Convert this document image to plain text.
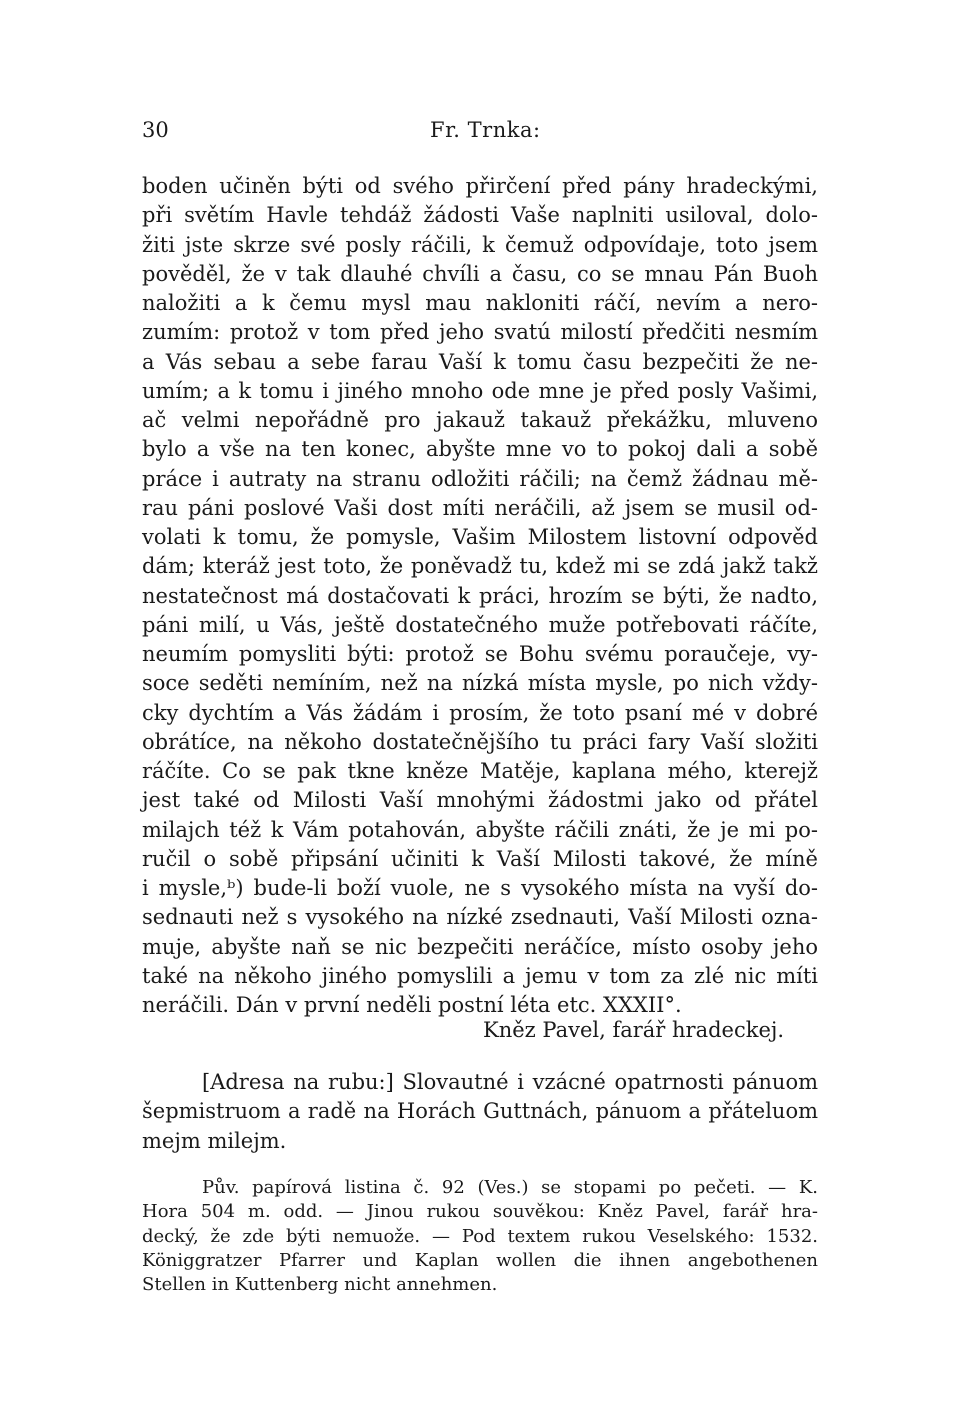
30	Fr. Trnka:
boden učiněn býti od svého přirčení před pány hradeckými,
při světím Havle tehdáž žádosti Vaše naplniti usiloval, dolo-
žiti jste skrze své posly ráčili, k čemuž odpovídaje, toto jsem
pověděl, že v tak dlauhé chvíli a času, co se mnau Pán Buoh
naložiti a k čemu mysl mau nakloniti ráčí, nevím a nero-
zumím: protož v tom před jeho svatú milostí předčiti nesmím
a Vás sebau a sebe farau Vaší k tomu času bezpečiti že ne-
umím; a k tomu i jiného mnoho ode mne je před posly Vašimi,
ač velmi nepořádně pro jakauž takauž překážku, mluveno
bylo a vše na ten konec, abyšte mne vo to pokoj dali a sobě
práce i autraty na stranu odložiti ráčili; na čemž žádnau mě-
rau páni poslové Vaši dost míti neráčili, až jsem se musil od-
volati k tomu, že pomysle, Vašim Milostem listovní odpověd
dám; kteráž jest toto, že poněvadž tu, kdež mi se zdá jakž takž
nestatečnost má dostačovati k práci, hrozím se býti, že nadto,
páni milí, u Vás, ještě dostatečného muže potřebovati ráčíte,
neumím pomysliti býti: protož se Bohu svému poraučeje, vy-
soce seděti nemíním, než na nízká místa mysle, po nich vždy-
cky dychtím a Vás žádám i prosím, že toto psaní mé v dobré
obrátíce, na někoho dostatečnějšího tu práci fary Vaší složiti
ráčíte. Co se pak tkne kněze Matěje, kaplana mého, kterejž
jest také od Milosti Vaší mnohými žádostmi jako od přátel
milajch též k Vám potahován, abyšte ráčili znáti, že je mi po-
ručil o sobě připsání učiniti k Vaší Milosti takové, že míně
i mysle,ᵇ) bude-li boží vuole, ne s vysokého místa na vyší do-
sednauti než s vysokého na nízké zsednauti, Vaší Milosti ozna-
muje, abyšte naň se nic bezpečiti neráčíce, místo osoby jeho
také na někoho jiného pomyslili a jemu v tom za zlé nic míti
neráčili. Dán v první neděli postní léta etc. XXXII°.
Kněz Pavel, farář hradeckej.
[Adresa na rubu:] Slovautné i vzácné opatrnosti pánuom
šepmistruom a radě na Horách Guttnách, pánuom a přáteluom
mejm milejm.
Pův. papírová listina č. 92 (Ves.) se stopami po pečeti. — K.
Hora 504 m. odd. — Jinou rukou souvěkou: Kněz Pavel, farář hra-
decký, že zde býti nemuože. — Pod textem rukou Veselského: 1532.
Königgratzer Pfarrer und Kaplan wollen die ihnen angebothenen
Stellen in Kuttenberg nicht annehmen.
